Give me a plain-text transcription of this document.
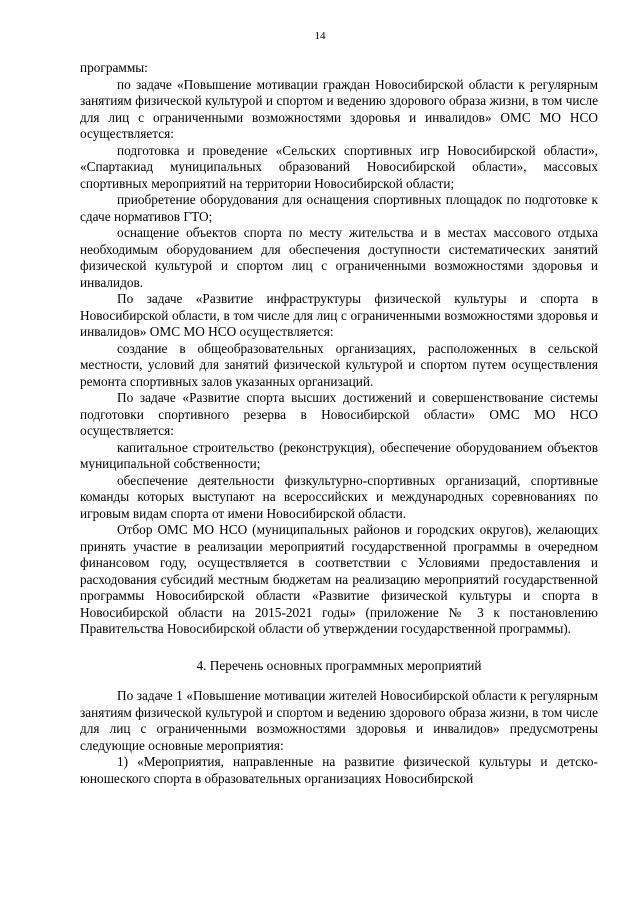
14

программы:

по задаче «Повышение мотивации граждан Новосибирской области к регулярным занятиям физической культурой и спортом и ведению здорового образа жизни, в том числе для лиц с ограниченными возможностями здоровья и инвалидов» ОМС МО НСО осуществляется:

подготовка и проведение «Сельских спортивных игр Новосибирской области», «Спартакиад муниципальных образований Новосибирской области», массовых спортивных мероприятий на территории Новосибирской области;

приобретение оборудования для оснащения спортивных площадок по подготовке к сдаче нормативов ГТО;

оснащение объектов спорта по месту жительства и в местах массового отдыха необходимым оборудованием для обеспечения доступности систематических занятий физической культурой и спортом лиц с ограниченными возможностями здоровья и инвалидов.

По задаче «Развитие инфраструктуры физической культуры и спорта в Новосибирской области, в том числе для лиц с ограниченными возможностями здоровья и инвалидов» ОМС МО НСО осуществляется:

создание в общеобразовательных организациях, расположенных в сельской местности, условий для занятий физической культурой и спортом путем осуществления ремонта спортивных залов указанных организаций.

По задаче «Развитие спорта высших достижений и совершенствование системы подготовки спортивного резерва в Новосибирской области» ОМС МО НСО осуществляется:

капитальное строительство (реконструкция), обеспечение оборудованием объектов муниципальной собственности;

обеспечение деятельности физкультурно-спортивных организаций, спортивные команды которых выступают на всероссийских и международных соревнованиях по игровым видам спорта от имени Новосибирской области.

Отбор ОМС МО НСО (муниципальных районов и городских округов), желающих принять участие в реализации мероприятий государственной программы в очередном финансовом году, осуществляется в соответствии с Условиями предоставления и расходования субсидий местным бюджетам на реализацию мероприятий государственной программы Новосибирской области «Развитие физической культуры и спорта в Новосибирской области на 2015-2021 годы» (приложение № 3 к постановлению Правительства Новосибирской области об утверждении государственной программы).

4. Перечень основных программных мероприятий

По задаче 1 «Повышение мотивации жителей Новосибирской области к регулярным занятиям физической культурой и спортом и ведению здорового образа жизни, в том числе для лиц с ограниченными возможностями здоровья и инвалидов» предусмотрены следующие основные мероприятия:

1) «Мероприятия, направленные на развитие физической культуры и детско-юношеского спорта в образовательных организациях Новосибирской
